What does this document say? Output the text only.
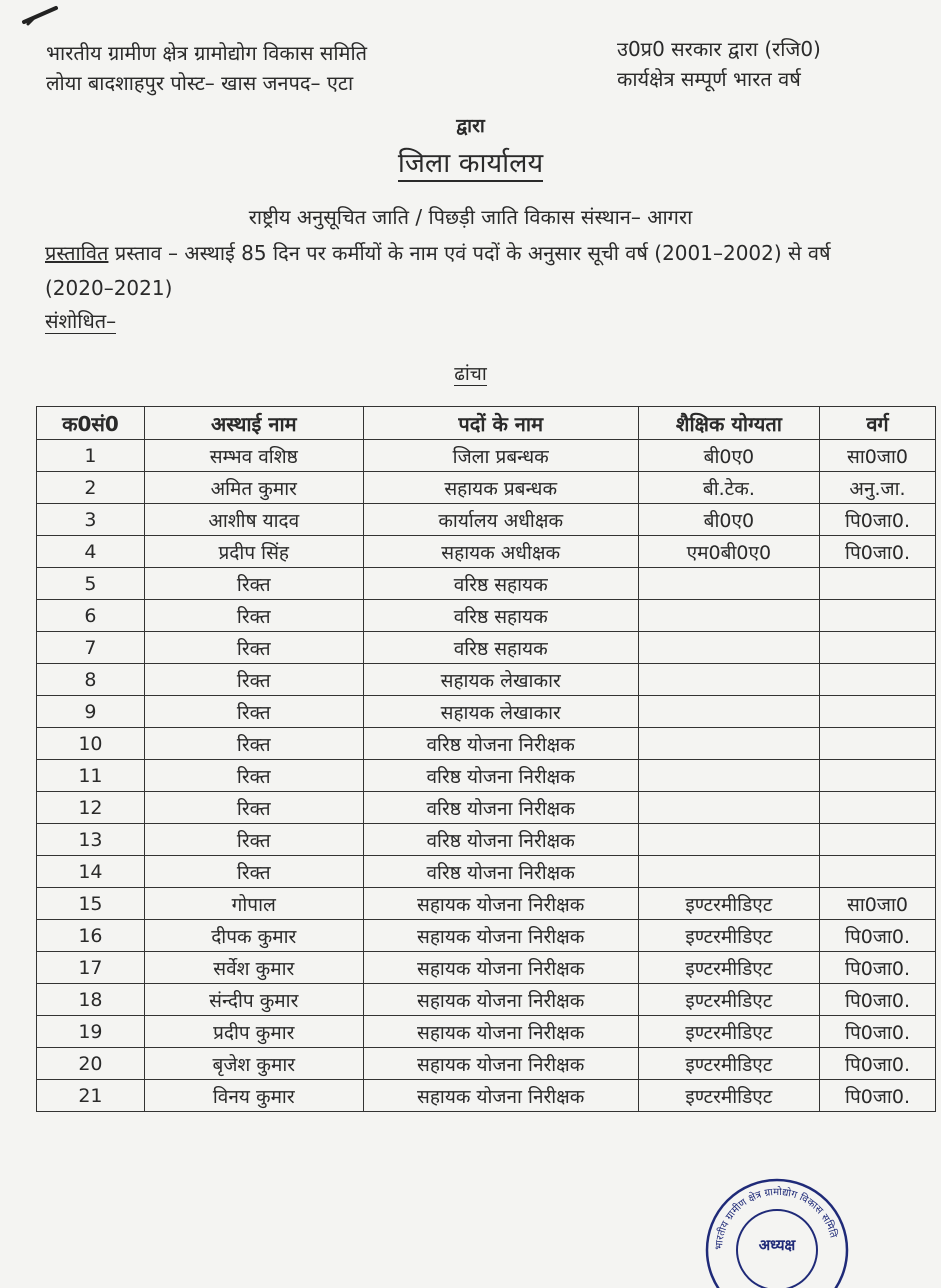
भारतीय ग्रामीण क्षेत्र ग्रामोद्योग विकास समिति
लोया बादशाहपुर पोस्ट– खास जनपद– एटा
उ0प्र0 सरकार द्वारा (रजि0)
कार्यक्षेत्र सम्पूर्ण भारत वर्ष
द्वारा
जिला कार्यालय
राष्ट्रीय अनुसूचित जाति / पिछड़ी जाति विकास संस्थान– आगरा
प्रस्तावित प्रस्ताव – अस्थाई 85 दिन पर कर्मीयों के नाम एवं पदों के अनुसार सूची वर्ष (2001–2002) से वर्ष (2020–2021)
संशोधित–
ढांचा
क0सं0	अस्थाई नाम	पदों के नाम	शैक्षिक योग्यता	वर्ग
1	सम्भव वशिष्ठ	जिला प्रबन्धक	बी0ए0	सा0जा0
2	अमित कुमार	सहायक प्रबन्धक	बी.टेक.	अनु.जा.
3	आशीष यादव	कार्यालय अधीक्षक	बी0ए0	पि0जा0.
4	प्रदीप सिंह	सहायक अधीक्षक	एम0बी0ए0	पि0जा0.
5	रिक्त	वरिष्ठ सहायक		
6	रिक्त	वरिष्ठ सहायक		
7	रिक्त	वरिष्ठ सहायक		
8	रिक्त	सहायक लेखाकार		
9	रिक्त	सहायक लेखाकार		
10	रिक्त	वरिष्ठ योजना निरीक्षक		
11	रिक्त	वरिष्ठ योजना निरीक्षक		
12	रिक्त	वरिष्ठ योजना निरीक्षक		
13	रिक्त	वरिष्ठ योजना निरीक्षक		
14	रिक्त	वरिष्ठ योजना निरीक्षक		
15	गोपाल	सहायक योजना निरीक्षक	इण्टरमीडिएट	सा0जा0
16	दीपक कुमार	सहायक योजना निरीक्षक	इण्टरमीडिएट	पि0जा0.
17	सर्वेश कुमार	सहायक योजना निरीक्षक	इण्टरमीडिएट	पि0जा0.
18	संन्दीप कुमार	सहायक योजना निरीक्षक	इण्टरमीडिएट	पि0जा0.
19	प्रदीप कुमार	सहायक योजना निरीक्षक	इण्टरमीडिएट	पि0जा0.
20	बृजेश कुमार	सहायक योजना निरीक्षक	इण्टरमीडिएट	पि0जा0.
21	विनय कुमार	सहायक योजना निरीक्षक	इण्टरमीडिएट	पि0जा0.
भारतीय ग्रामीण क्षेत्र ग्रामोद्योग विकास समिति
अध्यक्ष
